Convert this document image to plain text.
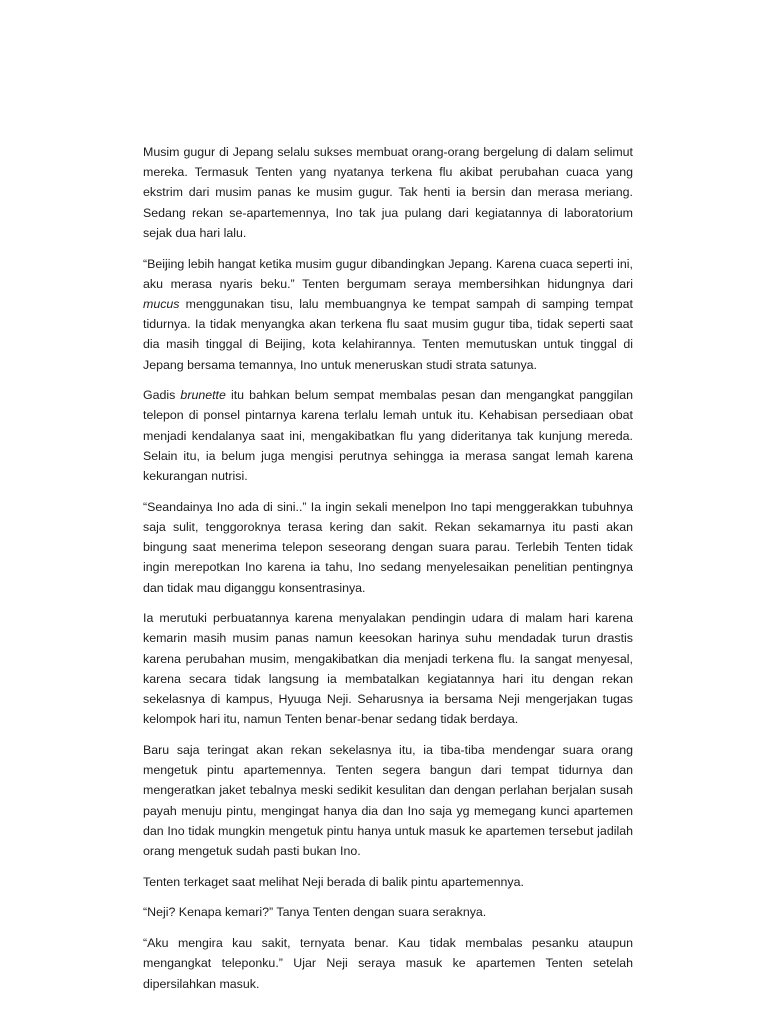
Musim gugur di Jepang selalu sukses membuat orang-orang bergelung di dalam selimut mereka. Termasuk Tenten yang nyatanya terkena flu akibat perubahan cuaca yang ekstrim dari musim panas ke musim gugur. Tak henti ia bersin dan merasa meriang. Sedang rekan se-apartemennya, Ino tak jua pulang dari kegiatannya di laboratorium sejak dua hari lalu.

“Beijing lebih hangat ketika musim gugur dibandingkan Jepang. Karena cuaca seperti ini, aku merasa nyaris beku.” Tenten bergumam seraya membersihkan hidungnya dari mucus menggunakan tisu, lalu membuangnya ke tempat sampah di samping tempat tidurnya. Ia tidak menyangka akan terkena flu saat musim gugur tiba, tidak seperti saat dia masih tinggal di Beijing, kota kelahirannya. Tenten memutuskan untuk tinggal di Jepang bersama temannya, Ino untuk meneruskan studi strata satunya.

Gadis brunette itu bahkan belum sempat membalas pesan dan mengangkat panggilan telepon di ponsel pintarnya karena terlalu lemah untuk itu. Kehabisan persediaan obat menjadi kendalanya saat ini, mengakibatkan flu yang dideritanya tak kunjung mereda. Selain itu, ia belum juga mengisi perutnya sehingga ia merasa sangat lemah karena kekurangan nutrisi.

“Seandainya Ino ada di sini..” Ia ingin sekali menelpon Ino tapi menggerakkan tubuhnya saja sulit, tenggoroknya terasa kering dan sakit. Rekan sekamarnya itu pasti akan bingung saat menerima telepon seseorang dengan suara parau. Terlebih Tenten tidak ingin merepotkan Ino karena ia tahu, Ino sedang menyelesaikan penelitian pentingnya dan tidak mau diganggu konsentrasinya.

Ia merutuki perbuatannya karena menyalakan pendingin udara di malam hari karena kemarin masih musim panas namun keesokan harinya suhu mendadak turun drastis karena perubahan musim, mengakibatkan dia menjadi terkena flu. Ia sangat menyesal, karena secara tidak langsung ia membatalkan kegiatannya hari itu dengan rekan sekelasnya di kampus, Hyuuga Neji. Seharusnya ia bersama Neji mengerjakan tugas kelompok hari itu, namun Tenten benar-benar sedang tidak berdaya.

Baru saja teringat akan rekan sekelasnya itu, ia tiba-tiba mendengar suara orang mengetuk pintu apartemennya. Tenten segera bangun dari tempat tidurnya dan mengeratkan jaket tebalnya meski sedikit kesulitan dan dengan perlahan berjalan susah payah menuju pintu, mengingat hanya dia dan Ino saja yg memegang kunci apartemen dan Ino tidak mungkin mengetuk pintu hanya untuk masuk ke apartemen tersebut jadilah orang mengetuk sudah pasti bukan Ino.

Tenten terkaget saat melihat Neji berada di balik pintu apartemennya.

“Neji? Kenapa kemari?” Tanya Tenten dengan suara seraknya.

“Aku mengira kau sakit, ternyata benar. Kau tidak membalas pesanku ataupun mengangkat teleponku.” Ujar Neji seraya masuk ke apartemen Tenten setelah dipersilahkan masuk.
